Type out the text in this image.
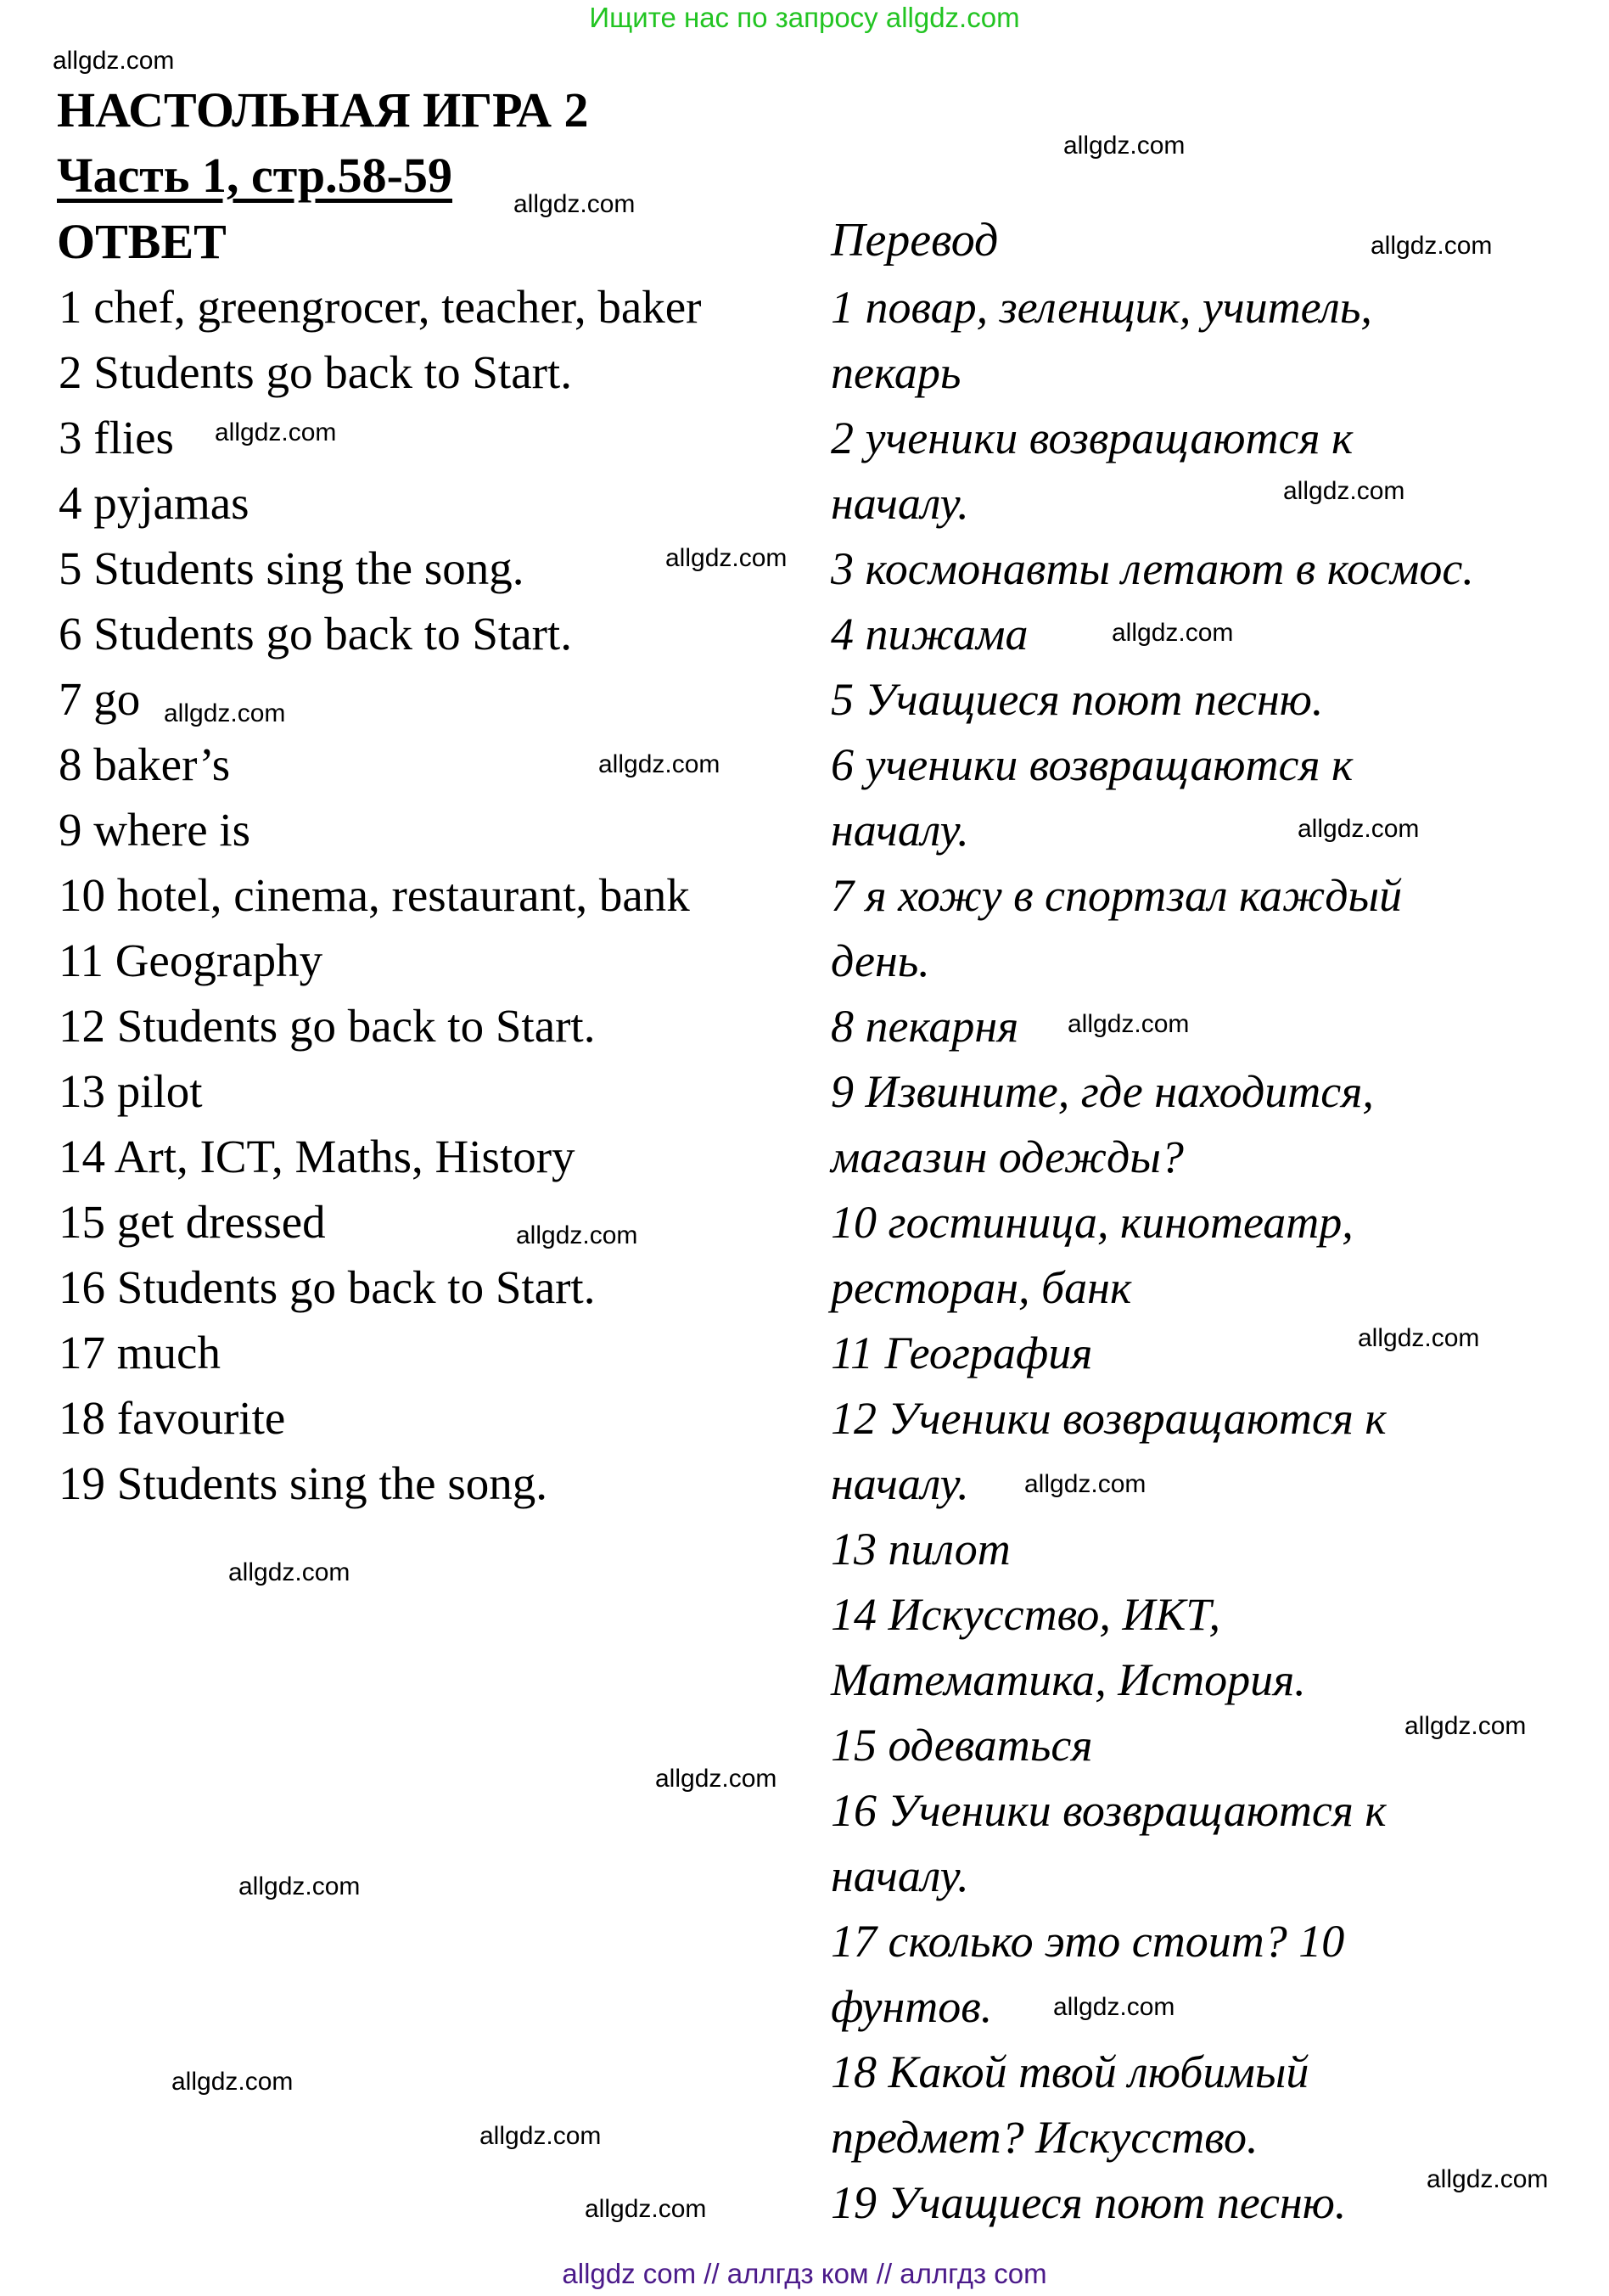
Ищите нас по запросу allgdz.com
НАСТОЛЬНАЯ ИГРА 2
Часть 1, стр.58-59
ОТВЕТ	Перевод
1 chef, greengrocer, teacher, baker
2 Students go back to Start.
3 flies
4 pyjamas
5 Students sing the song.
6 Students go back to Start.
7 go
8 baker’s
9 where is
10 hotel, cinema, restaurant, bank
11 Geography
12 Students go back to Start.
13 pilot
14 Art, ICT, Maths, History
15 get dressed
16 Students go back to Start.
17 much
18 favourite
19 Students sing the song.
1 повар, зеленщик, учитель,
пекарь
2 ученики возвращаются к
началу.
3 космонавты летают в космос.
4 пижама
5 Учащиеся поют песню.
6 ученики возвращаются к
началу.
7 я хожу в спортзал каждый
день.
8 пекарня
9 Извините, где находится,
магазин одежды?
10 гостиница, кинотеатр,
ресторан, банк
11 География
12 Ученики возвращаются к
началу.
13 пилот
14 Искусство, ИКТ,
Математика, История.
15 одеваться
16 Ученики возвращаются к
началу.
17 сколько это стоит? 10
фунтов.
18 Какой твой любимый
предмет? Искусство.
19 Учащиеся поют песню.
allgdz.com
allgdz.com
allgdz.com
allgdz.com
allgdz.com
allgdz.com
allgdz.com
allgdz.com
allgdz.com
allgdz.com
allgdz.com
allgdz.com
allgdz.com
allgdz.com
allgdz.com
allgdz.com
allgdz.com
allgdz.com
allgdz.com
allgdz.com
allgdz.com
allgdz.com
allgdz.com
allgdz.com
allgdz com // аллгдз ком // аллгдз com
